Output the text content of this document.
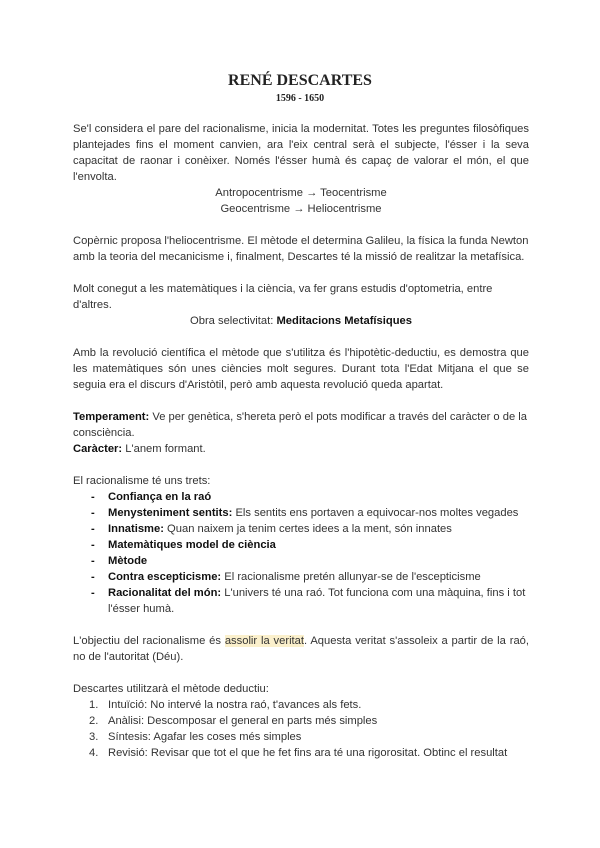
RENÉ DESCARTES
1596 - 1650

Se'l considera el pare del racionalisme, inicia la modernitat. Totes les preguntes filosòfiques plantejades fins el moment canvien, ara l'eix central serà el subjecte, l'ésser i la seva capacitat de raonar i conèixer. Només l'ésser humà és capaç de valorar el món, el que l'envolta.

Antropocentrisme → Teocentrisme

Geocentrisme → Heliocentrisme

Copèrnic proposa l'heliocentrisme. El mètode el determina Galileu, la física la funda Newton amb la teoria del mecanicisme i, finalment, Descartes té la missió de realitzar la metafísica.

Molt conegut a les matemàtiques i la ciència, va fer grans estudis d'optometria, entre d'altres.

Obra selectivitat: Meditacions Metafísiques

Amb la revolució científica el mètode que s'utilitza és l'hipotètic-deductiu, es demostra que les matemàtiques són unes ciències molt segures. Durant tota l'Edat Mitjana el que se seguia era el discurs d'Aristòtil, però amb aquesta revolució queda apartat.

Temperament: Ve per genètica, s'hereta però el pots modificar a través del caràcter o de la consciència.

Caràcter: L'anem formant.

El racionalisme té uns trets:

- Confiança en la raó
- Menysteniment sentits: Els sentits ens portaven a equivocar-nos moltes vegades
- Innatisme: Quan naixem ja tenim certes idees a la ment, són innates
- Matemàtiques model de ciència
- Mètode
- Contra escepticisme: El racionalisme pretén allunyar-se de l'escepticisme
- Racionalitat del món: L'univers té una raó. Tot funciona com una màquina, fins i tot l'ésser humà.

L'objectiu del racionalisme és assolir la veritat. Aquesta veritat s'assoleix a partir de la raó, no de l'autoritat (Déu).

Descartes utilitzarà el mètode deductiu:

1. Intuïció: No intervé la nostra raó, t'avances als fets.
2. Anàlisi: Descomposar el general en parts més simples
3. Síntesis: Agafar les coses més simples
4. Revisió: Revisar que tot el que he fet fins ara té una rigorositat. Obtinc el resultat
